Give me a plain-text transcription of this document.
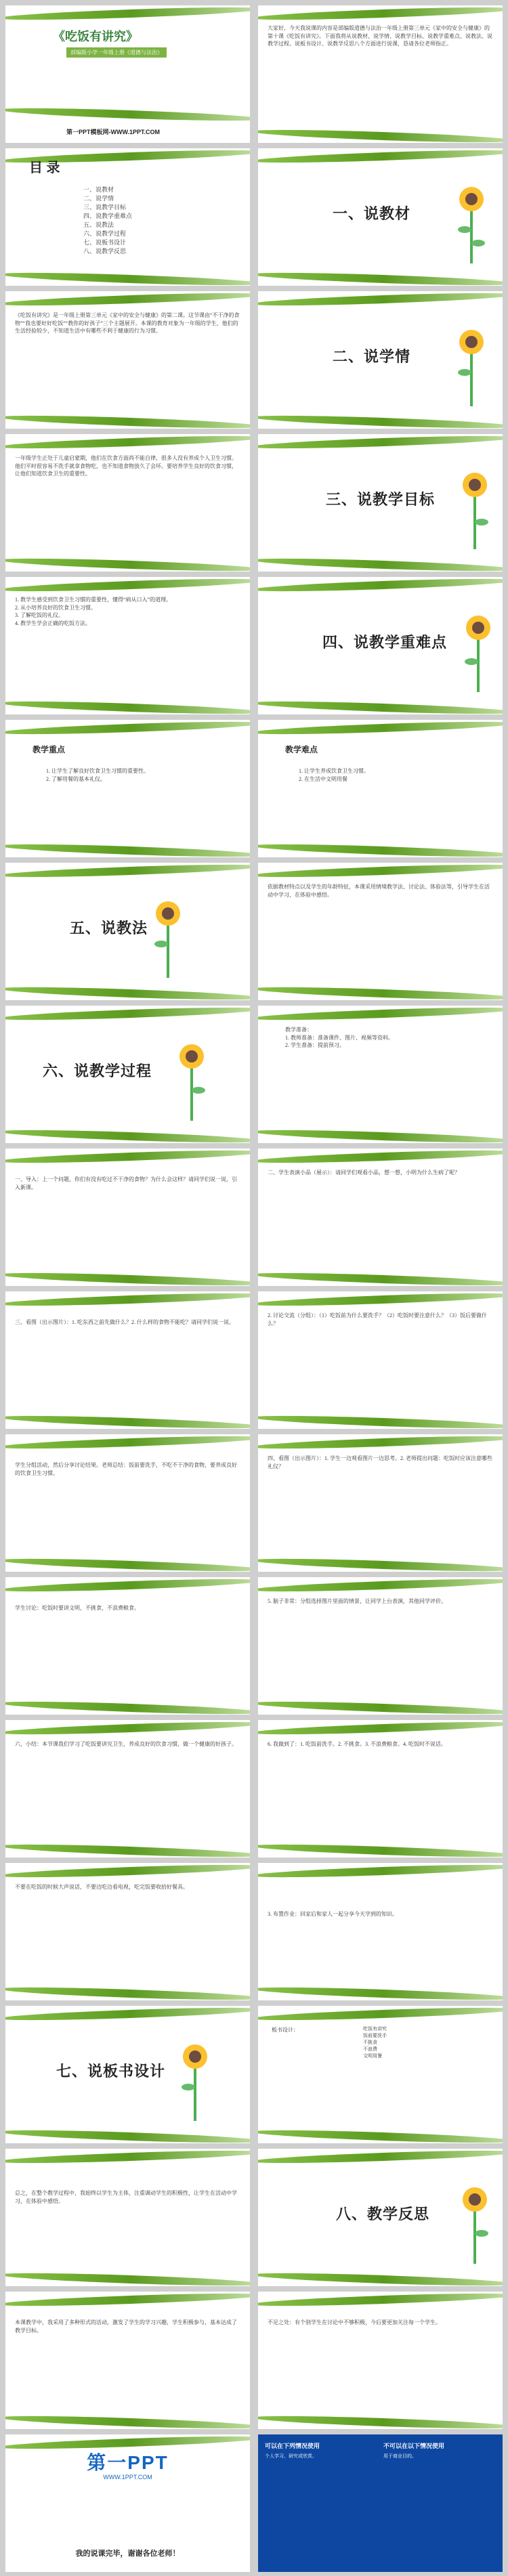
《吃饭有讲究》
部编版小学一年级上册《道德与法治》
第一PPT模板网-WWW.1PPT.COM
大家好，今天我说课的内容是部编版道德与法治一年级上册第三单元《家中的安全与健康》的第十课《吃饭有讲究》。下面我将从说教材、说学情、说教学目标、说教学重难点、说教法、说教学过程、说板书设计、说教学反思八个方面进行说课，恳请各位老师指正。
目 录
一、说教材
二、说学情
三、说教学目标
四、说教学重难点
五、说教法
六、说教学过程
七、说板书设计
八、说教学反思
一、说教材
《吃饭有讲究》是一年级上册第三单元《家中的安全与健康》的第二课。这节课由“不干净的食物”“我也要好好吃饭”“教你的好孩子”三个主题展开。本课的教育对象为一年级的学生，他们的生活经验较少，不知道生活中有哪些不利于健康的行为习惯。
二、说学情
一年级学生正处于儿童启蒙期，他们在饮食方面尚不能自律，很多人没有养成个人卫生习惯。他们平时很容易不洗手就拿食物吃，也不知道食物放久了会坏。要培养学生良好的饮食习惯，让他们知道饮食卫生的重要性。
三、说教学目标
1. 教学生感受到饮食卫生习惯的重要性，懂得“病从口入”的道理。
2. 从小培养良好的饮食卫生习惯。
3. 了解吃饭的礼仪。
4. 教学生学会正确的吃饭方法。
四、说教学重难点
教学重点
1. 让学生了解良好饮食卫生习惯的重要性。
2. 了解用餐的基本礼仪。
教学难点
1. 让学生养成饮食卫生习惯。
2. 在生活中文明用餐
五、说教法
依据教材特点以及学生的年龄特征，本课采用情境教学法、讨论法、体验法等，引导学生在活动中学习，在体验中感悟。
六、说教学过程
教学准备：
1. 教师准备：准备课件、图片、视频等资料。
2. 学生准备：提前预习。
一、导入：上一个问题，你们有没有吃过不干净的食物？为什么会这样？请同学们说一说，引入新课。
二、学生表演小品（展示）：请同学们观看小品，想一想，小明为什么生病了呢？
三、看图（出示图片）：1. 吃东西之前先做什么？2. 什么样的食物不能吃？请同学们说一说。
2. 讨论交流（分组）：（1）吃饭前为什么要洗手？（2）吃饭时要注意什么？（3）饭后要做什么？
学生分组活动，然后分享讨论结果。老师总结：饭前要洗手，不吃不干净的食物，要养成良好的饮食卫生习惯。
四、看图（出示图片）：1. 学生一边观看图片一边思考。2. 老师提出问题：吃饭时应该注意哪些礼仪？
学生讨论：吃饭时要讲文明，不挑食，不浪费粮食。
5. 脑子非常：分组选择图片里面的情景，让同学上台表演，其他同学评价。
六、小结：本节课我们学习了吃饭要讲究卫生，养成良好的饮食习惯，做一个健康的好孩子。	6. 我做到了：1. 吃饭前洗手。2. 不挑食。3. 不浪费粮食。4. 吃饭时不说话。
不要在吃饭的时候大声说话，不要边吃边看电视，吃完饭要收拾好餐具。
3. 布置作业：回家后和家人一起分享今天学到的知识。
七、说板书设计
板书设计：	吃饭有讲究
饭前要洗手
不挑食
不浪费
文明用餐
总之，在整个教学过程中，我始终以学生为主体，注重调动学生的积极性，让学生在活动中学习，在体验中感悟。
八、教学反思
本课教学中，我采用了多种形式的活动，激发了学生的学习兴趣，学生积极参与，基本达成了教学目标。
不足之处：有个别学生在讨论中不够积极，今后要更加关注每一个学生。
第一PPT
WWW.1PPT.COM
我的说课完毕，谢谢各位老师！
可以在下列情况使用
个人学习、研究或欣赏。
不可以在以下情况使用
用于商业目的。
